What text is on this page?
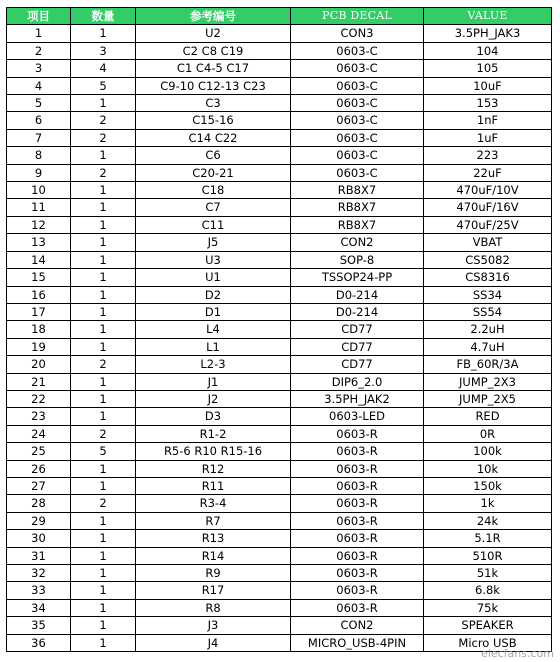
项目	数量	参考编号	PCB DECAL	VALUE
1	1	U2	CON3	3.5PH_JAK3
2	3	C2 C8 C19	0603-C	104
3	4	C1 C4-5 C17	0603-C	105
4	5	C9-10 C12-13 C23	0603-C	10uF
5	1	C3	0603-C	153
6	2	C15-16	0603-C	1nF
7	2	C14 C22	0603-C	1uF
8	1	C6	0603-C	223
9	2	C20-21	0603-C	22uF
10	1	C18	RB8X7	470uF/10V
11	1	C7	RB8X7	470uF/16V
12	1	C11	RB8X7	470uF/25V
13	1	J5	CON2	VBAT
14	1	U3	SOP-8	CS5082
15	1	U1	TSSOP24-PP	CS8316
16	1	D2	D0-214	SS34
17	1	D1	D0-214	SS54
18	1	L4	CD77	2.2uH
19	1	L1	CD77	4.7uH
20	2	L2-3	CD77	FB_60R/3A
21	1	J1	DIP6_2.0	JUMP_2X3
22	1	J2	3.5PH_JAK2	JUMP_2X5
23	1	D3	0603-LED	RED
24	2	R1-2	0603-R	0R
25	5	R5-6 R10 R15-16	0603-R	100k
26	1	R12	0603-R	10k
27	1	R11	0603-R	150k
28	2	R3-4	0603-R	1k
29	1	R7	0603-R	24k
30	1	R13	0603-R	5.1R
31	1	R14	0603-R	510R
32	1	R9	0603-R	51k
33	1	R17	0603-R	6.8k
34	1	R8	0603-R	75k
35	1	J3	CON2	SPEAKER
36	1	J4	MICRO_USB-4PIN	Micro USB
elecfans.com
